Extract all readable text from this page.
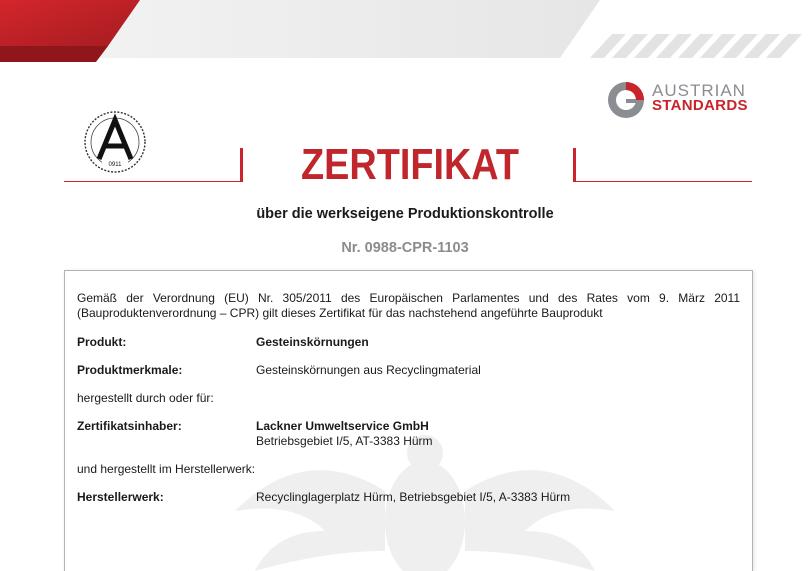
0911
AUSTRIAN
STANDARDS
ZERTIFIKAT
über die werkseigene Produktionskontrolle
Nr. 0988-CPR-1103
Gemäß der Verordnung (EU) Nr. 305/2011 des Europäischen Parlamentes und des Rates vom 9. März 2011 (Bauproduktenverordnung – CPR) gilt dieses Zertifikat für das nachstehend angeführte Bauprodukt
Produkt:	Gesteinskörnungen
Produktmerkmale:	Gesteinskörnungen aus Recyclingmaterial
hergestellt durch oder für:
Zertifikatsinhaber:	Lackner Umweltservice GmbH
Betriebsgebiet I/5, AT-3383 Hürm
und hergestellt im Herstellerwerk:
Herstellerwerk:	Recyclinglagerplatz Hürm, Betriebsgebiet I/5, A-3383 Hürm
